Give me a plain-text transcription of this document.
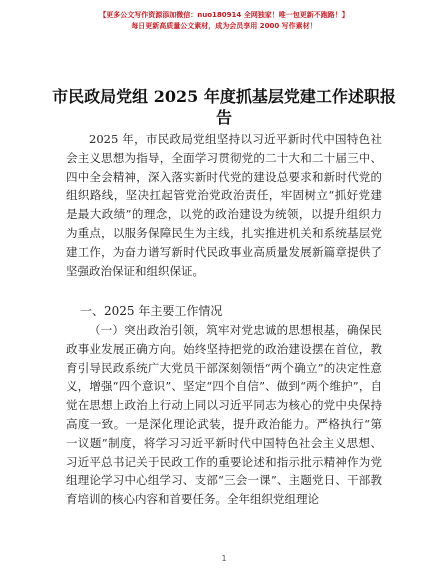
【更多公文写作资源添加微信：nuo180914 全网独家！唯一包更新不跑路！】
每日更新高质量公文素材，成为会员享用 2000 写作素材！
市民政局党组 2025 年度抓基层党建工作述职报告
2025 年，市民政局党组坚持以习近平新时代中国特色社会主义思想为指导，全面学习贯彻党的二十大和二十届三中、四中全会精神，深入落实新时代党的建设总要求和新时代党的组织路线，坚决扛起管党治党政治责任，牢固树立“抓好党建是最大政绩”的理念，以党的政治建设为统领，以提升组织力为重点，以服务保障民生为主线，扎实推进机关和系统基层党建工作，为奋力谱写新时代民政事业高质量发展新篇章提供了坚强政治保证和组织保证。
一、2025 年主要工作情况
（一）突出政治引领，筑牢对党忠诚的思想根基，确保民政事业发展正确方向。始终坚持把党的政治建设摆在首位，教育引导民政系统广大党员干部深刻领悟“两个确立”的决定性意义，增强“四个意识”、坚定“四个自信”、做到“两个维护”，自觉在思想上政治上行动上同以习近平同志为核心的党中央保持高度一致。一是深化理论武装，提升政治能力。严格执行“第一议题”制度，将学习习近平新时代中国特色社会主义思想、习近平总书记关于民政工作的重要论述和指示批示精神作为党组理论学习中心组学习、支部“三会一课”、主题党日、干部教育培训的核心内容和首要任务。全年组织党组理论
1
